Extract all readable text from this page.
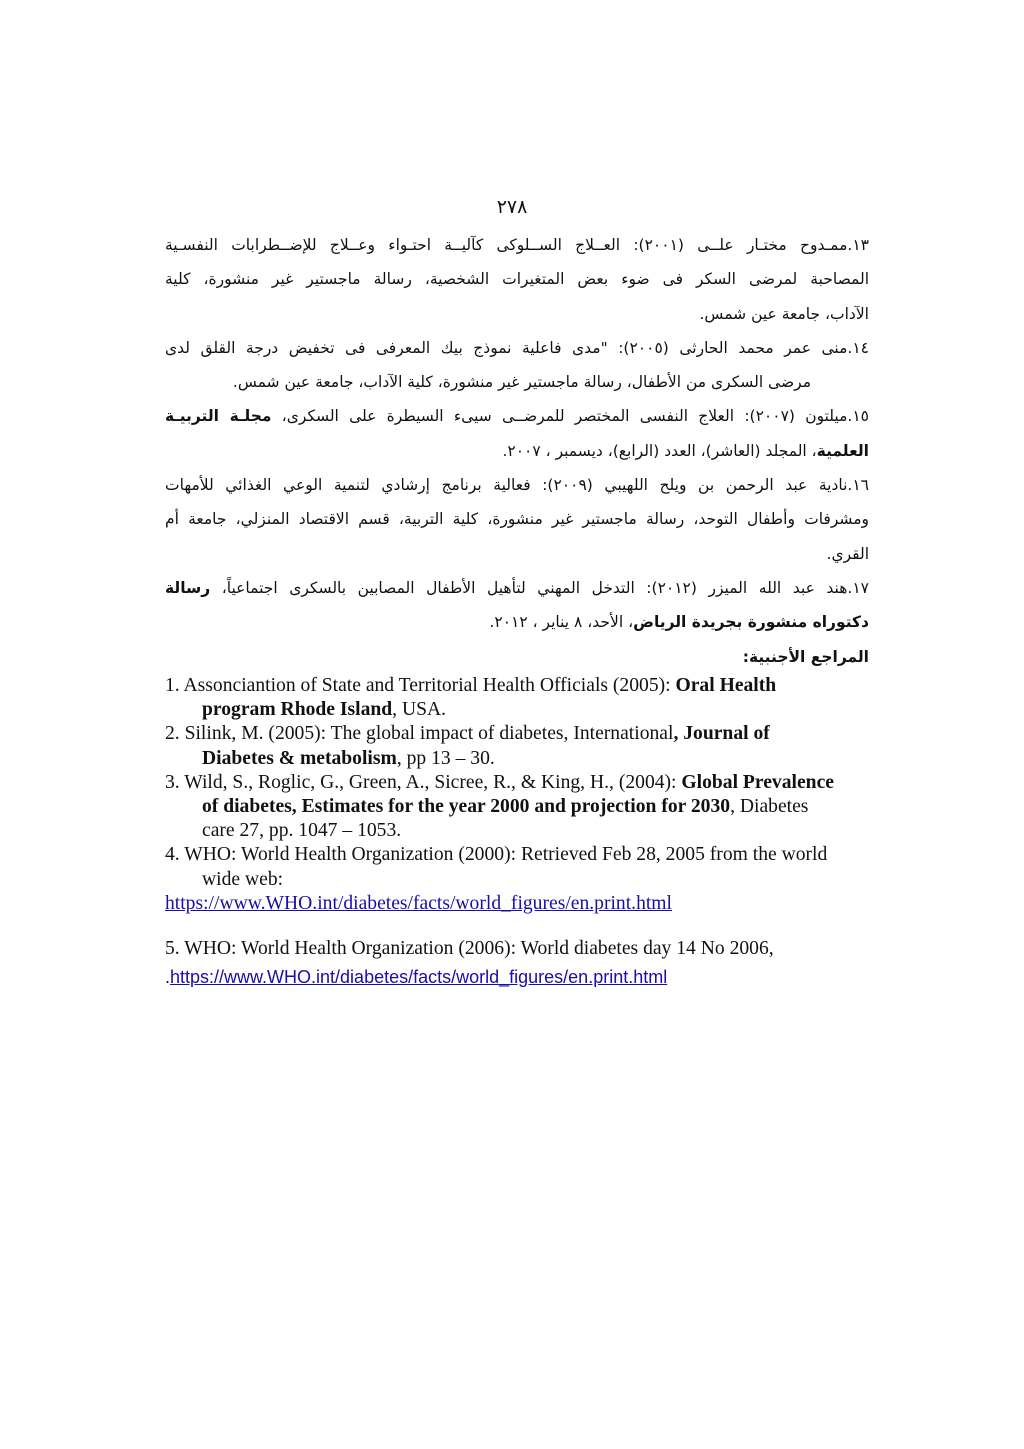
٢٧٨
١٣.ممـدوح مختـار علــى (٢٠٠١): العــلاج الســلوكى كآليــة احتـواء وعــلاج للإضــطرابات النفسـية
المصاحبة لمرضى السكر فى ضوء بعض المتغيرات الشخصية، رسالة ماجستير غير منشورة، كلية
الآداب، جامعة عين شمس.
١٤.منى عمر محمد الحارثى (٢٠٠٥): "مدى فاعلية نموذج بيك المعرفى فى تخفيض درجة القلق لدى
مرضى السكرى من الأطفال، رسالة ماجستير غير منشورة، كلية الآداب، جامعة عين شمس.
١٥.ميلتون (٢٠٠٧): العلاج النفسى المختصر للمرضــى سيىء السيطرة على السكرى، مجلـة التربيـة
العلمية، المجلد (العاشر)، العدد (الرابع)، ديسمبر ، ٢٠٠٧.
١٦.نادية عبد الرحمن بن ويلح اللهيبي (٢٠٠٩): فعالية برنامج إرشادي لتنمية الوعي الغذائي للأمهات
ومشرفات وأطفال التوحد، رسالة ماجستير غير منشورة، كلية التربية، قسم الاقتصاد المنزلي، جامعة أم
القري.
١٧.هند عبد الله الميزر (٢٠١٢): التدخل المهني لتأهيل الأطفال المصابين بالسكرى اجتماعياً، رسالة
دكتوراه منشورة بجريدة الرياض، الأحد، ٨ يناير ، ٢٠١٢.
المراجع الأجنبية:

1. Assonciantion of State and Territorial Health Officials (2005): Oral Health program Rhode Island, USA.

2. Silink, M. (2005): The global impact of diabetes, International, Journal of Diabetes & metabolism, pp 13 – 30.

3. Wild, S., Roglic, G., Green, A., Sicree, R., & King, H., (2004): Global Prevalence of diabetes, Estimates for the year 2000 and projection for 2030, Diabetes care 27, pp. 1047 – 1053.

4. WHO: World Health Organization (2000): Retrieved Feb 28, 2005 from the world wide web:

https://www.WHO.int/diabetes/facts/world_figures/en.print.html

5. WHO: World Health Organization (2006): World diabetes day 14 No 2006,

.https://www.WHO.int/diabetes/facts/world_figures/en.print.html
